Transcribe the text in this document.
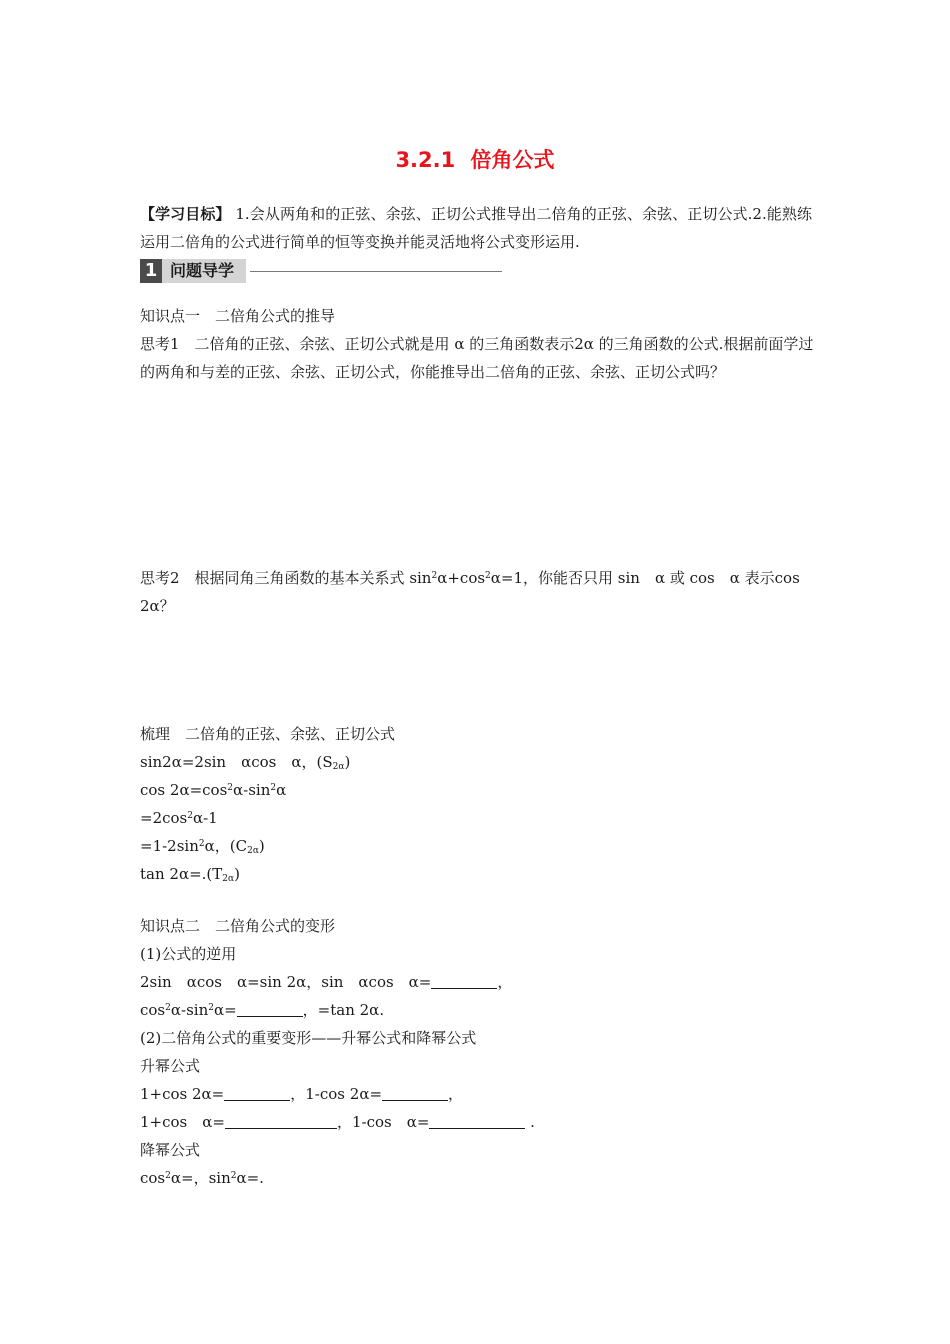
3.2.1 倍角公式
【学习目标】 1.会从两角和的正弦、余弦、正切公式推导出二倍角的正弦、余弦、正切公式.2.能熟练运用二倍角的公式进行简单的恒等变换并能灵活地将公式变形运用.
1 问题导学
知识点一　二倍角公式的推导
思考1　二倍角的正弦、余弦、正切公式就是用 α 的三角函数表示2α 的三角函数的公式.根据前面学过的两角和与差的正弦、余弦、正切公式，你能推导出二倍角的正弦、余弦、正切公式吗？
思考2　根据同角三角函数的基本关系式 $\sin^2\alpha+\cos^2\alpha=1$，你能否只用 sin　α 或 cos　α 表示cos 2α？
梳理　二倍角的正弦、余弦、正切公式
sin2α=2sin　αcos　α，$(S_{2\alpha})$
$\cos 2\alpha=\cos^2\alpha-\sin^2\alpha$
$=2\cos^2\alpha-1$
$=1-2\sin^2\alpha$，$(C_{2\alpha})$
$\tan 2\alpha=.(T_{2\alpha})$
知识点二　二倍角公式的变形
(1)公式的逆用
2sin　αcos　α=sin 2α，sin　αcos　α=	，
$\cos^2\alpha-\sin^2\alpha=$	，=tan 2α.
(2)二倍角公式的重要变形——升幂公式和降幂公式
升幂公式
1+cos 2α=	，1-cos 2α=	，
1+cos　α=	，1-cos　α=	.
降幂公式
$\cos^2\alpha=$，$\sin^2\alpha=$.
